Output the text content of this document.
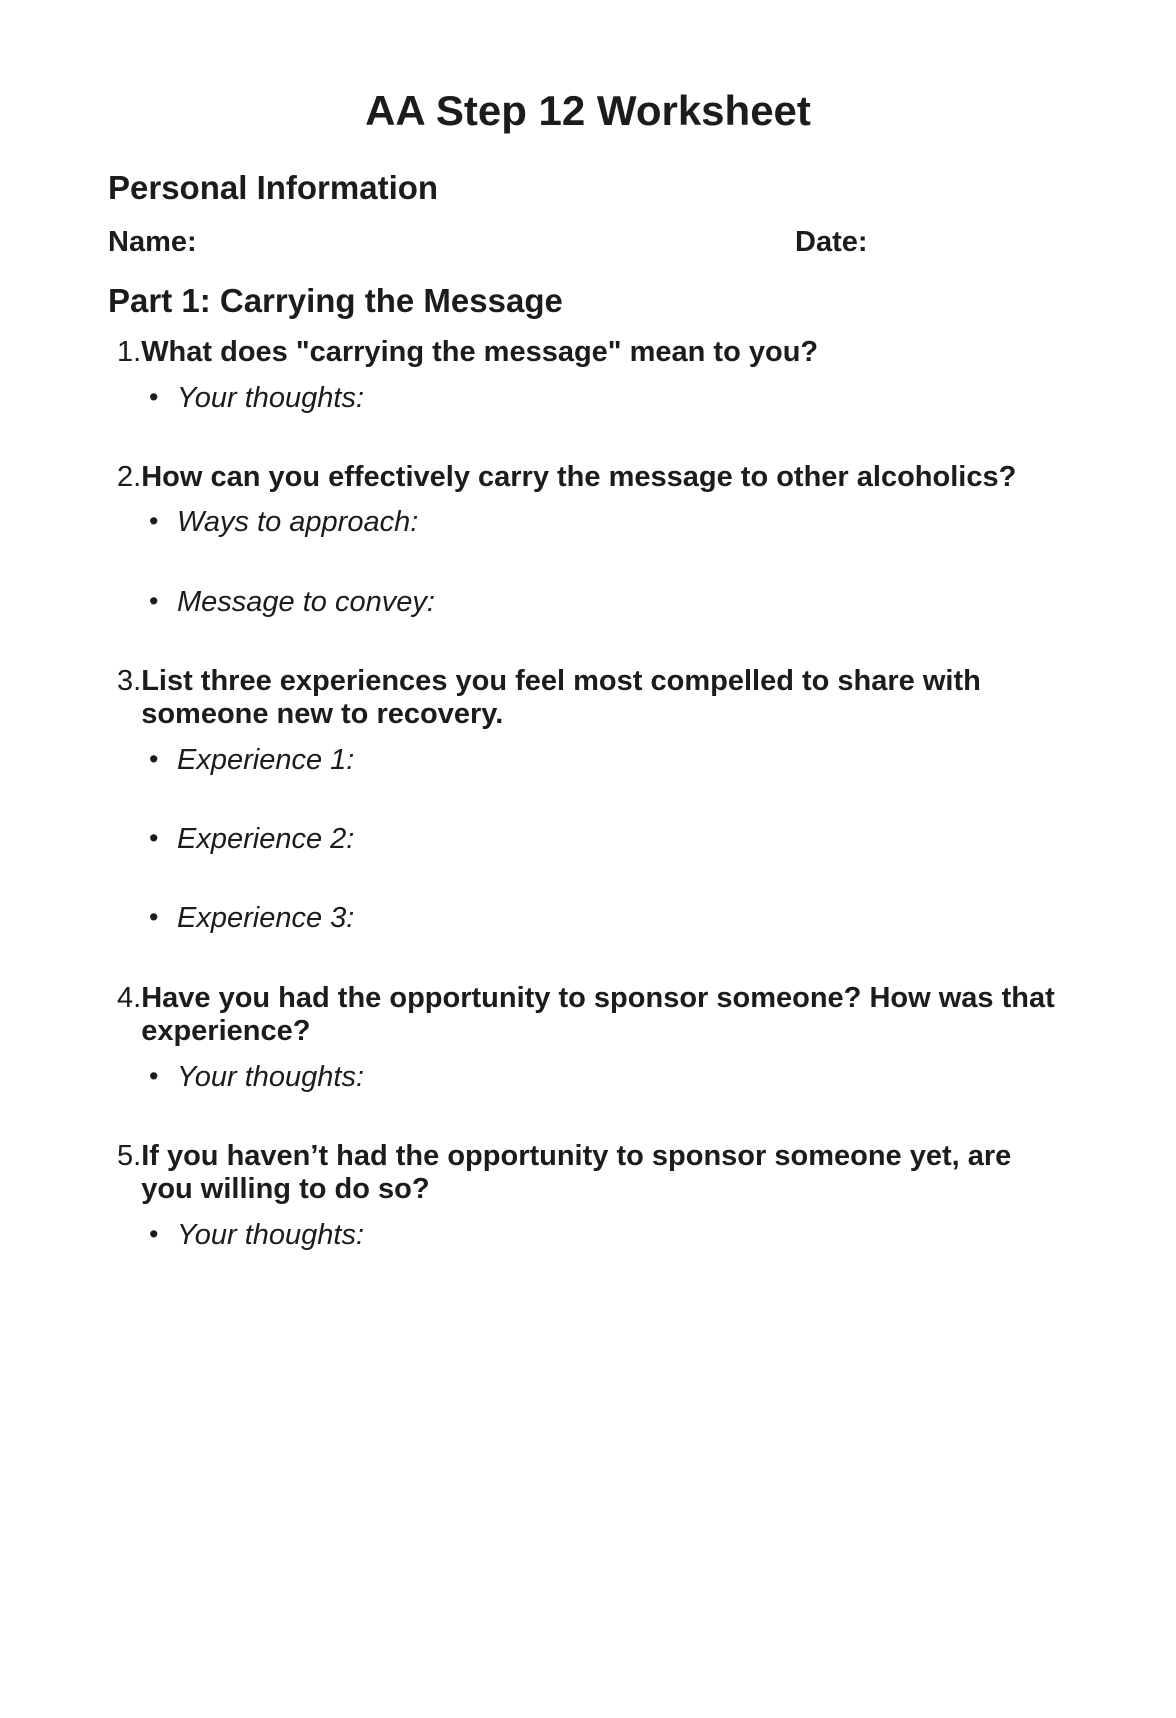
AA Step 12 Worksheet
Personal Information
Name:	Date:
Part 1: Carrying the Message
1. What does "carrying the message" mean to you?
• Your thoughts:
2. How can you effectively carry the message to other alcoholics?
• Ways to approach:
• Message to convey:
3. List three experiences you feel most compelled to share with someone new to recovery.
• Experience 1:
• Experience 2:
• Experience 3:
4. Have you had the opportunity to sponsor someone? How was that experience?
• Your thoughts:
5. If you haven’t had the opportunity to sponsor someone yet, are you willing to do so?
• Your thoughts:
